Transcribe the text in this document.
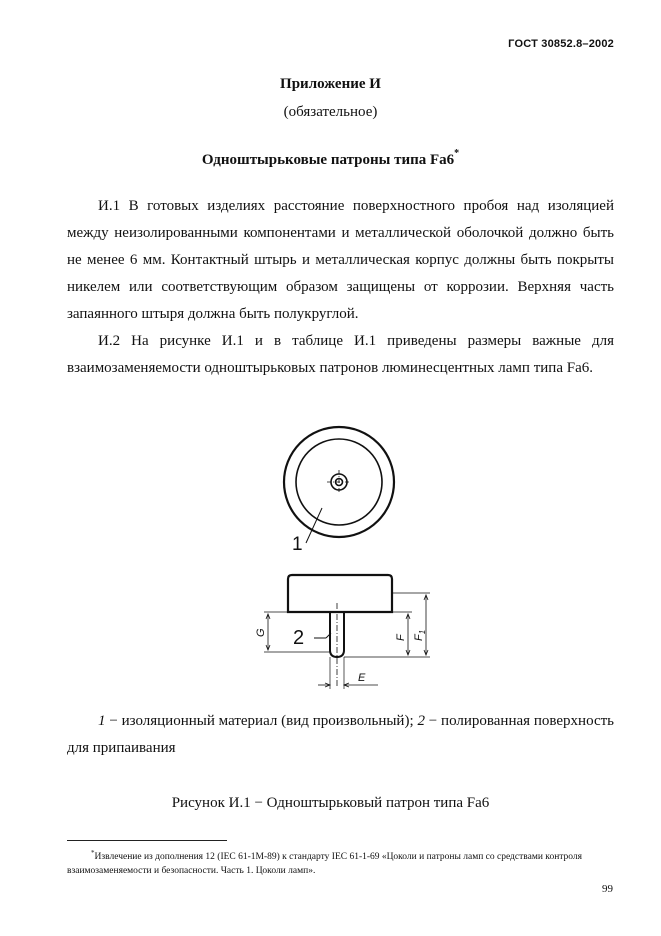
ГОСТ 30852.8–2002
Приложение И
(обязательное)
Одноштырьковые патроны типа Fa6*

И.1 В готовых изделиях расстояние поверхностного пробоя над изоляцией между неизолированными компонентами и металлической оболочкой должно быть не менее 6 мм. Контактный штырь и металлическая корпус должны быть покрыты никелем или соответствующим образом защищены от коррозии. Верхняя часть запаянного штыря должна быть полукруглой.

И.2 На рисунке И.1 и в таблице И.1 приведены размеры важные для взаимозаменяемости одноштырьковых патронов люминесцентных ламп типа Fa6.

1
2
G
F $F_1$
E

1 − изоляционный материал (вид произвольный); 2 − полированная поверхность для припаивания

Рисунок И.1 − Одноштырьковый патрон типа Fa6

*Извлечение из дополнения 12 (IEC 61-1M-89) к стандарту IEC 61-1-69 «Цоколи и патроны ламп со средствами контроля взаимозаменяемости и безопасности. Часть 1. Цоколи ламп».

99
